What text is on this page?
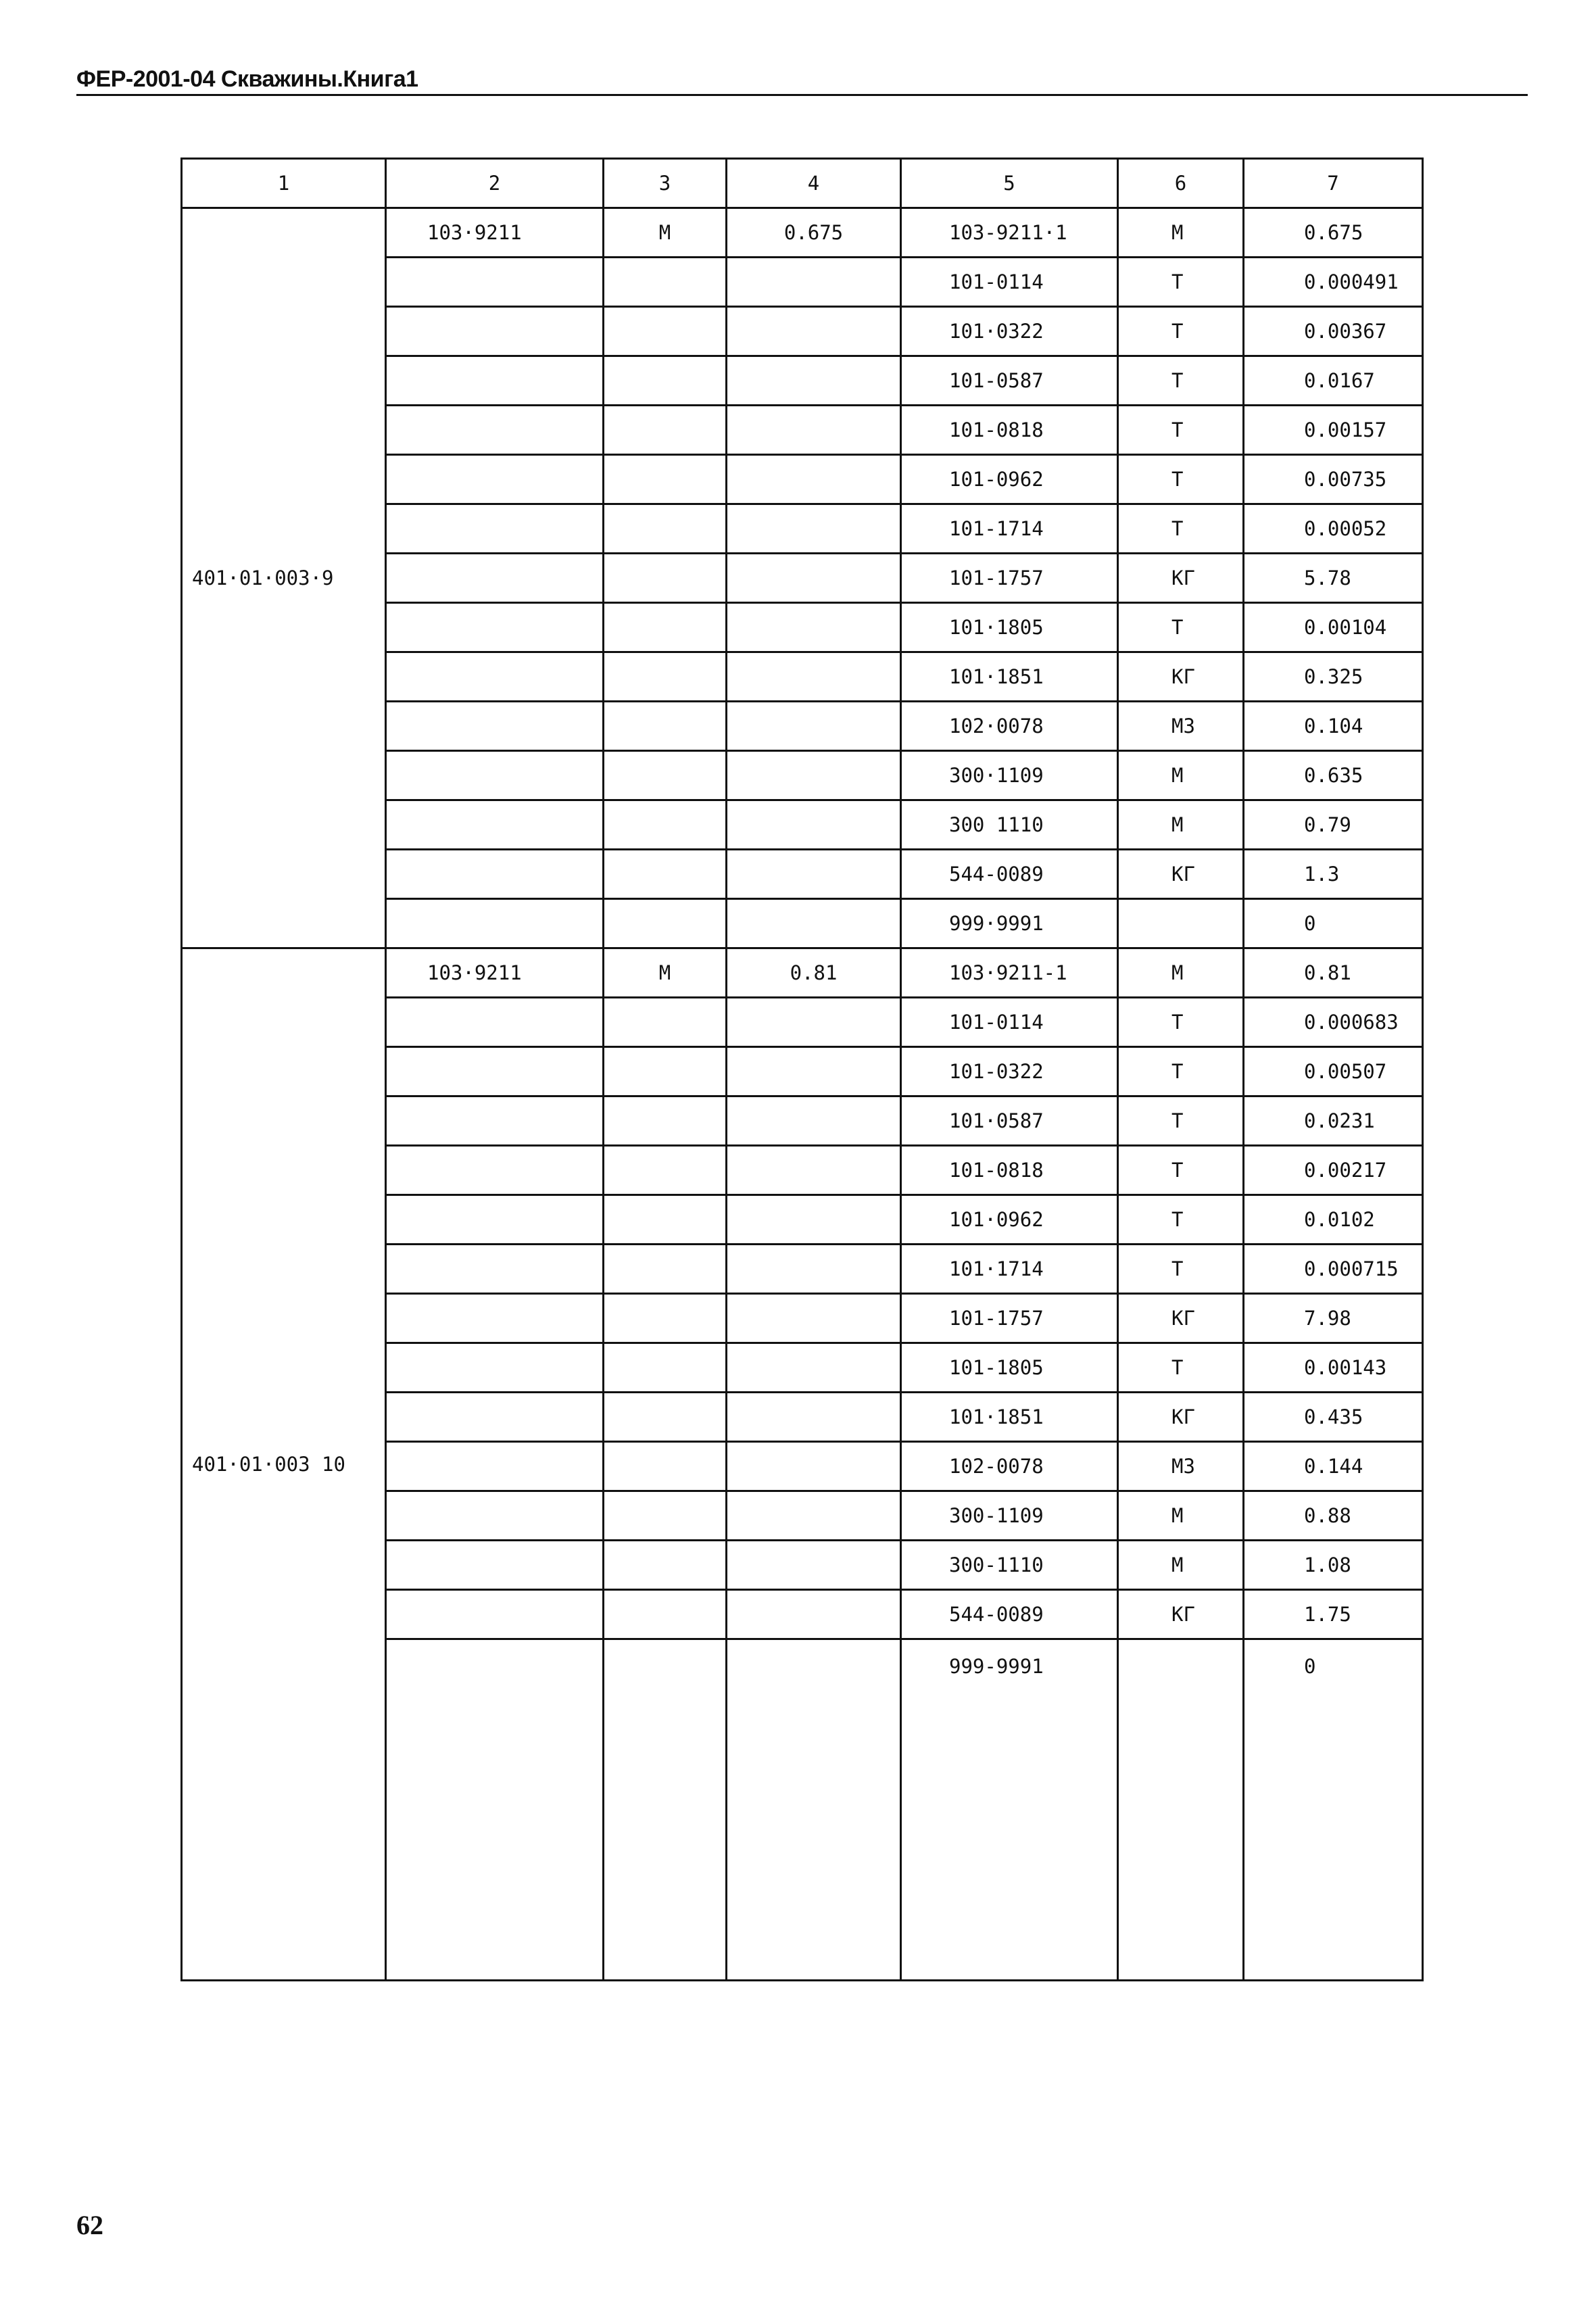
ФЕР-2001-04 Скважины.Книга1
1	2	3	4	5	6	7
401·01·003·9	103·9211	М	0.675	103-9211·1	М	0.675
				101-0114	Т	0.000491
				101·0322	Т	0.00367
				101-0587	Т	0.0167
				101-0818	Т	0.00157
				101-0962	Т	0.00735
				101-1714	Т	0.00052
				101-1757	КГ	5.78
				101·1805	Т	0.00104
				101·1851	КГ	0.325
				102·0078	М3	0.104
				300·1109	М	0.635
				300 1110	М	0.79
				544-0089	КГ	1.3
				999·9991		0
401·01·003 10	103·9211	М	0.81	103·9211-1	М	0.81
				101-0114	Т	0.000683
				101-0322	Т	0.00507
				101·0587	Т	0.0231
				101-0818	Т	0.00217
				101·0962	Т	0.0102
				101·1714	Т	0.000715
				101-1757	КГ	7.98
				101-1805	Т	0.00143
				101·1851	КГ	0.435
				102-0078	М3	0.144
				300-1109	М	0.88
				300-1110	М	1.08
				544-0089	КГ	1.75
				999-9991		0
62
